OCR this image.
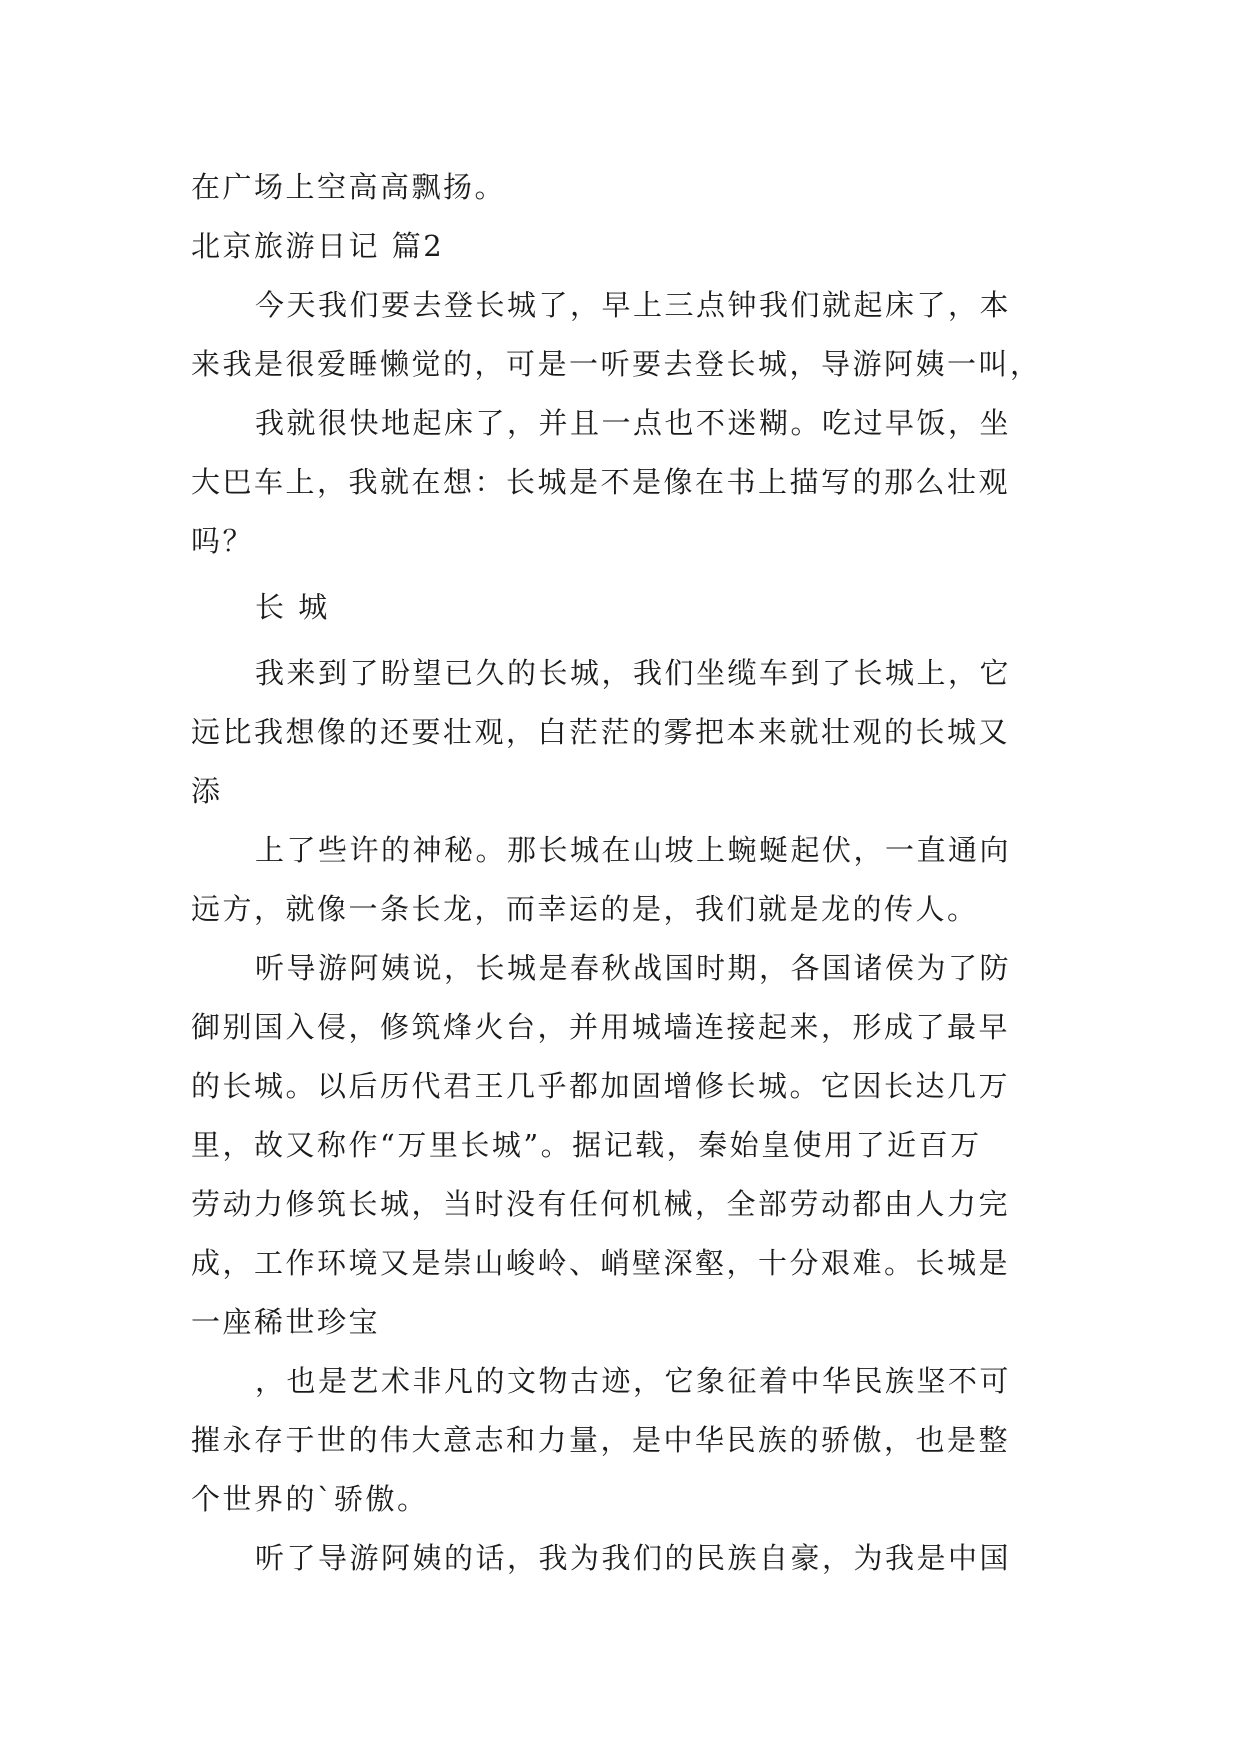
在广场上空高高飘扬。
北京旅游日记 篇2
今天我们要去登长城了，早上三点钟我们就起床了，本
来我是很爱睡懒觉的，可是一听要去登长城，导游阿姨一叫，
我就很快地起床了，并且一点也不迷糊。吃过早饭，坐
大巴车上，我就在想：长城是不是像在书上描写的那么壮观
吗？
长 城
我来到了盼望已久的长城，我们坐缆车到了长城上，它
远比我想像的还要壮观，白茫茫的雾把本来就壮观的长城又
添
上了些许的神秘。那长城在山坡上蜿蜒起伏，一直通向
远方，就像一条长龙，而幸运的是，我们就是龙的传人。
听导游阿姨说，长城是春秋战国时期，各国诸侯为了防
御别国入侵，修筑烽火台，并用城墙连接起来，形成了最早
的长城。以后历代君王几乎都加固增修长城。它因长达几万
里，故又称作“万里长城”。据记载，秦始皇使用了近百万
劳动力修筑长城，当时没有任何机械，全部劳动都由人力完
成，工作环境又是崇山峻岭、峭壁深壑，十分艰难。长城是
一座稀世珍宝
，也是艺术非凡的文物古迹，它象征着中华民族坚不可
摧永存于世的伟大意志和力量，是中华民族的骄傲，也是整
个世界的`骄傲。
听了导游阿姨的话，我为我们的民族自豪，为我是中国
